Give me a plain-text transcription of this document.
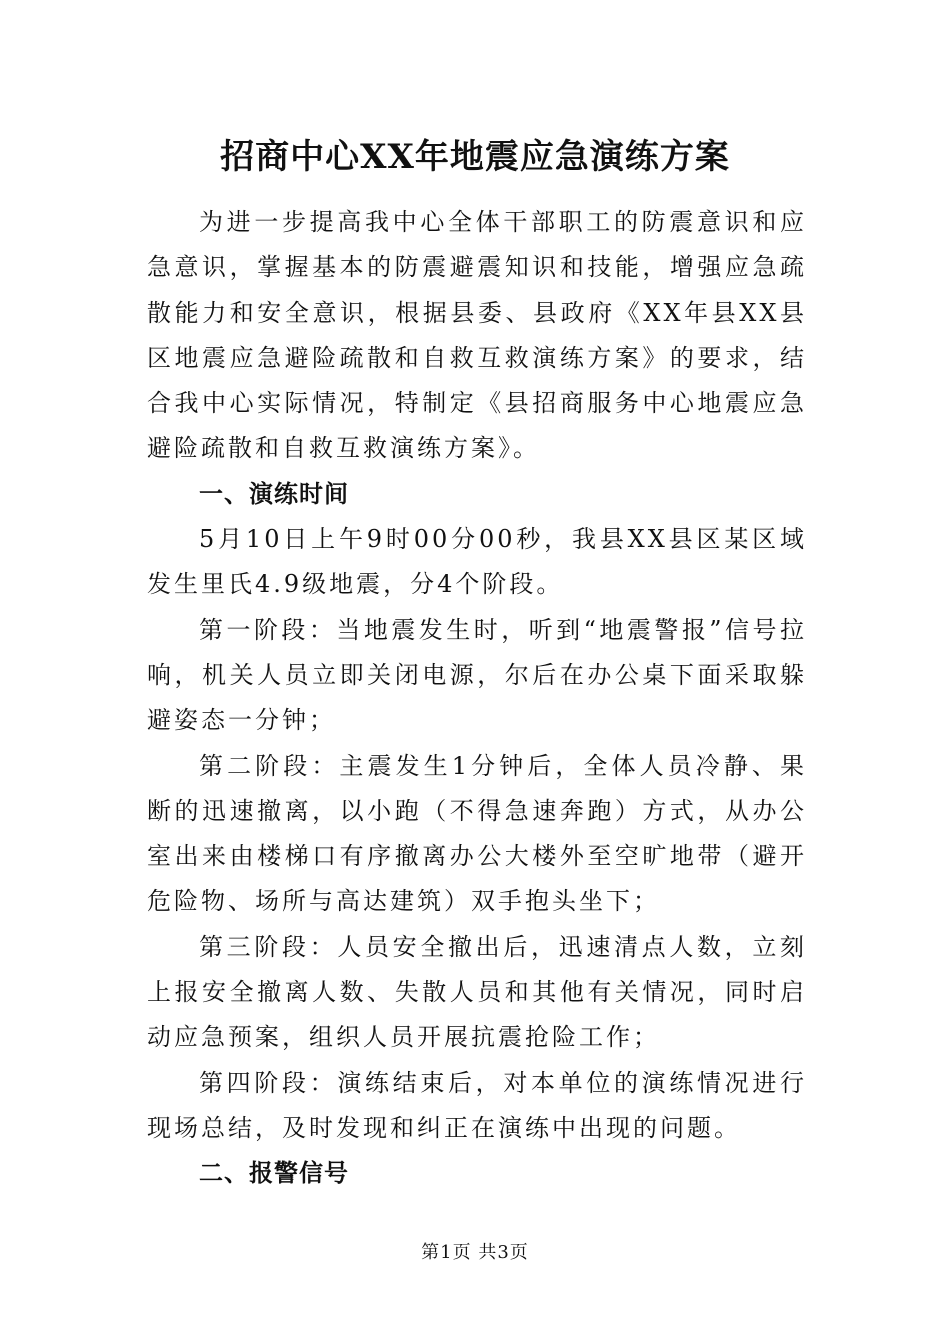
招商中心XX年地震应急演练方案

为进一步提高我中心全体干部职工的防震意识和应急意识，掌握基本的防震避震知识和技能，增强应急疏散能力和安全意识，根据县委、县政府《XX年县XX县区地震应急避险疏散和自救互救演练方案》的要求，结合我中心实际情况，特制定《县招商服务中心地震应急避险疏散和自救互救演练方案》。

一、演练时间

5月10日上午9时00分00秒，我县XX县区某区域发生里氏4.9级地震，分4个阶段。

第一阶段：当地震发生时，听到“地震警报”信号拉响，机关人员立即关闭电源，尔后在办公桌下面采取躲避姿态一分钟；

第二阶段：主震发生1分钟后，全体人员冷静、果断的迅速撤离，以小跑（不得急速奔跑）方式，从办公室出来由楼梯口有序撤离办公大楼外至空旷地带（避开危险物、场所与高达建筑）双手抱头坐下；

第三阶段：人员安全撤出后，迅速清点人数，立刻上报安全撤离人数、失散人员和其他有关情况，同时启动应急预案，组织人员开展抗震抢险工作；

第四阶段：演练结束后，对本单位的演练情况进行现场总结，及时发现和纠正在演练中出现的问题。

二、报警信号
第1页 共3页
